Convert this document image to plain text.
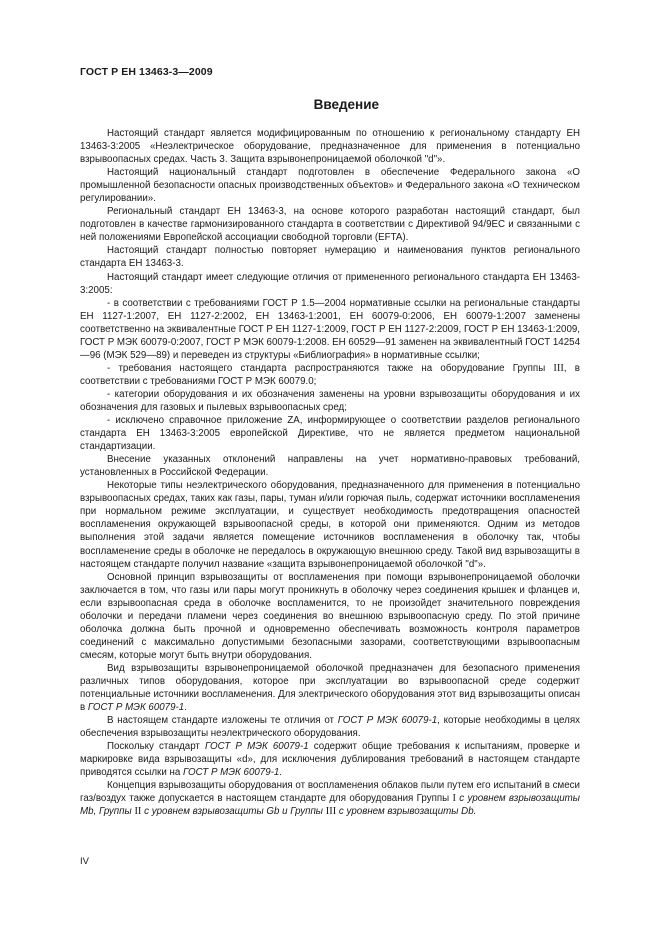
ГОСТ Р ЕН 13463-3—2009
Введение

Настоящий стандарт является модифицированным по отношению к региональному стандарту ЕН 13463-3:2005 «Неэлектрическое оборудование, предназначенное для применения в потенциально взрывоопасных средах. Часть 3. Защита взрывонепроницаемой оболочкой "d"».

Настоящий национальный стандарт подготовлен в обеспечение Федерального закона «О промышленной безопасности опасных производственных объектов» и Федерального закона «О техническом регулировании».

Региональный стандарт ЕН 13463-3, на основе которого разработан настоящий стандарт, был подготовлен в качестве гармонизированного стандарта в соответствии с Директивой 94/9ЕС и связанными с ней положениями Европейской ассоциации свободной торговли (EFTA).

Настоящий стандарт полностью повторяет нумерацию и наименования пунктов регионального стандарта ЕН 13463-3.

Настоящий стандарт имеет следующие отличия от примененного регионального стандарта ЕН 13463-3:2005:

- в соответствии с требованиями ГОСТ Р 1.5—2004 нормативные ссылки на региональные стандарты ЕН 1127-1:2007, ЕН 1127-2:2002, ЕН 13463-1:2001, ЕН 60079-0:2006, ЕН 60079-1:2007 заменены соответственно на эквивалентные ГОСТ Р ЕН 1127-1:2009, ГОСТ Р ЕН 1127-2:2009, ГОСТ Р ЕН 13463-1:2009, ГОСТ Р МЭК 60079-0:2007, ГОСТ Р МЭК 60079-1:2008. ЕН 60529—91 заменен на эквивалентный ГОСТ 14254—96 (МЭК 529—89) и переведен из структуры «Библиография» в нормативные ссылки;

- требования настоящего стандарта распространяются также на оборудование Группы III, в соответствии с требованиями ГОСТ Р МЭК 60079.0;

- категории оборудования и их обозначения заменены на уровни взрывозащиты оборудования и их обозначения для газовых и пылевых взрывоопасных сред;

- исключено справочное приложение ZA, информирующее о соответствии разделов регионального стандарта ЕН 13463-3:2005 европейской Директиве, что не является предметом национальной стандартизации.

Внесение указанных отклонений направлены на учет нормативно-правовых требований, установленных в Российской Федерации.

Некоторые типы неэлектрического оборудования, предназначенного для применения в потенциально взрывоопасных средах, таких как газы, пары, туман и/или горючая пыль, содержат источники воспламенения при нормальном режиме эксплуатации, и существует необходимость предотвращения опасностей воспламенения окружающей взрывоопасной среды, в которой они применяются. Одним из методов выполнения этой задачи является помещение источников воспламенения в оболочку так, чтобы воспламенение среды в оболочке не передалось в окружающую внешнюю среду. Такой вид взрывозащиты в настоящем стандарте получил название «защита взрывонепроницаемой оболочкой "d"».

Основной принцип взрывозащиты от воспламенения при помощи взрывонепроницаемой оболочки заключается в том, что газы или пары могут проникнуть в оболочку через соединения крышек и фланцев и, если взрывоопасная среда в оболочке воспламенится, то не произойдет значительного повреждения оболочки и передачи пламени через соединения во внешнюю взрывоопасную среду. По этой причине оболочка должна быть прочной и одновременно обеспечивать возможность контроля параметров соединений с максимально допустимыми безопасными зазорами, соответствующими взрывоопасным смесям, которые могут быть внутри оборудования.

Вид взрывозащиты взрывонепроницаемой оболочкой предназначен для безопасного применения различных типов оборудования, которое при эксплуатации во взрывоопасной среде содержит потенциальные источники воспламенения. Для электрического оборудования этот вид взрывозащиты описан в ГОСТ Р МЭК 60079-1.

В настоящем стандарте изложены те отличия от ГОСТ Р МЭК 60079-1, которые необходимы в целях обеспечения взрывозащиты неэлектрического оборудования.

Поскольку стандарт ГОСТ Р МЭК 60079-1 содержит общие требования к испытаниям, проверке и маркировке вида взрывозащиты «d», для исключения дублирования требований в настоящем стандарте приводятся ссылки на ГОСТ Р МЭК 60079-1.

Концепция взрывозащиты оборудования от воспламенения облаков пыли путем его испытаний в смеси газ/воздух также допускается в настоящем стандарте для оборудования Группы I с уровнем взрывозащиты Mb, Группы II с уровнем взрывозащиты Gb и Группы III с уровнем взрывозащиты Db.

IV
